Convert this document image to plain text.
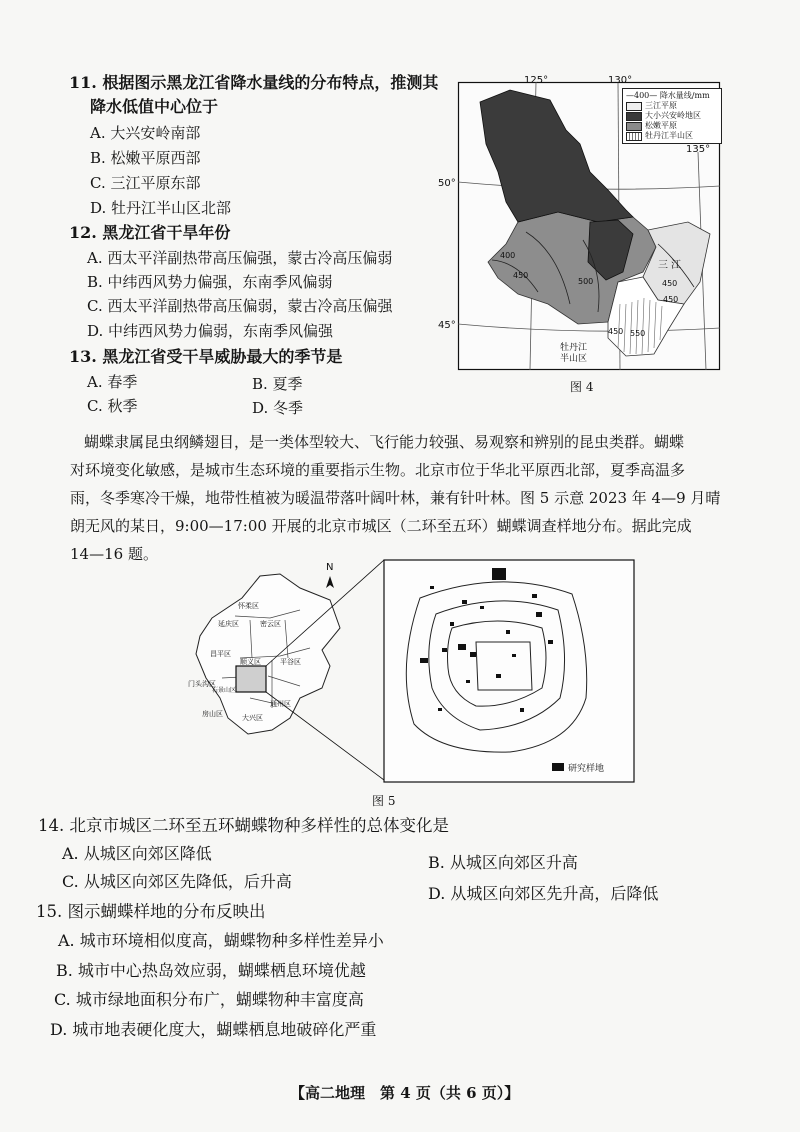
11. 根据图示黑龙江省降水量线的分布特点，推测其
降水低值中心位于
A. 大兴安岭南部
B. 松嫩平原西部
C. 三江平原东部
D. 牡丹江半山区北部
12. 黑龙江省干旱年份
A. 西太平洋副热带高压偏强，蒙古冷高压偏弱
B. 中纬西风势力偏强，东南季风偏弱
C. 西太平洋副热带高压偏弱，蒙古冷高压偏强
D. 中纬西风势力偏弱，东南季风偏强
13. 黑龙江省受干旱威胁最大的季节是
A. 春季	B. 夏季
C. 秋季	D. 冬季
400
450
500	450
450
550
450
三 江
牡丹江
半山区
125°	130°
135°
50°
45°
—400— 降水量线/mm
三江平原
大小兴安岭地区
松嫩平原
牡丹江半山区
图 4
蝴蝶隶属昆虫纲鳞翅目，是一类体型较大、飞行能力较强、易观察和辨别的昆虫类群。蝴蝶
对环境变化敏感，是城市生态环境的重要指示生物。北京市位于华北平原西北部，夏季高温多
雨，冬季寒冷干燥，地带性植被为暖温带落叶阔叶林，兼有针叶林。图 5 示意 2023 年 4—9 月晴
朗无风的某日，9:00—17:00 开展的北京市城区（二环至五环）蝴蝶调查样地分布。据此完成
14—16 题。
N
怀柔区
延庆区	密云区
昌平区
顺义区	平谷区
门头沟区
石景山区
房山区	大兴区
通州区
研究样地
图 5
14. 北京市城区二环至五环蝴蝶物种多样性的总体变化是
A. 从城区向郊区降低	B. 从城区向郊区升高
C. 从城区向郊区先降低，后升高
D. 从城区向郊区先升高，后降低
15. 图示蝴蝶样地的分布反映出
A. 城市环境相似度高，蝴蝶物种多样性差异小
B. 城市中心热岛效应弱，蝴蝶栖息环境优越
C. 城市绿地面积分布广，蝴蝶物种丰富度高
D. 城市地表硬化度大，蝴蝶栖息地破碎化严重
【高二地理　第 4 页（共 6 页）】
